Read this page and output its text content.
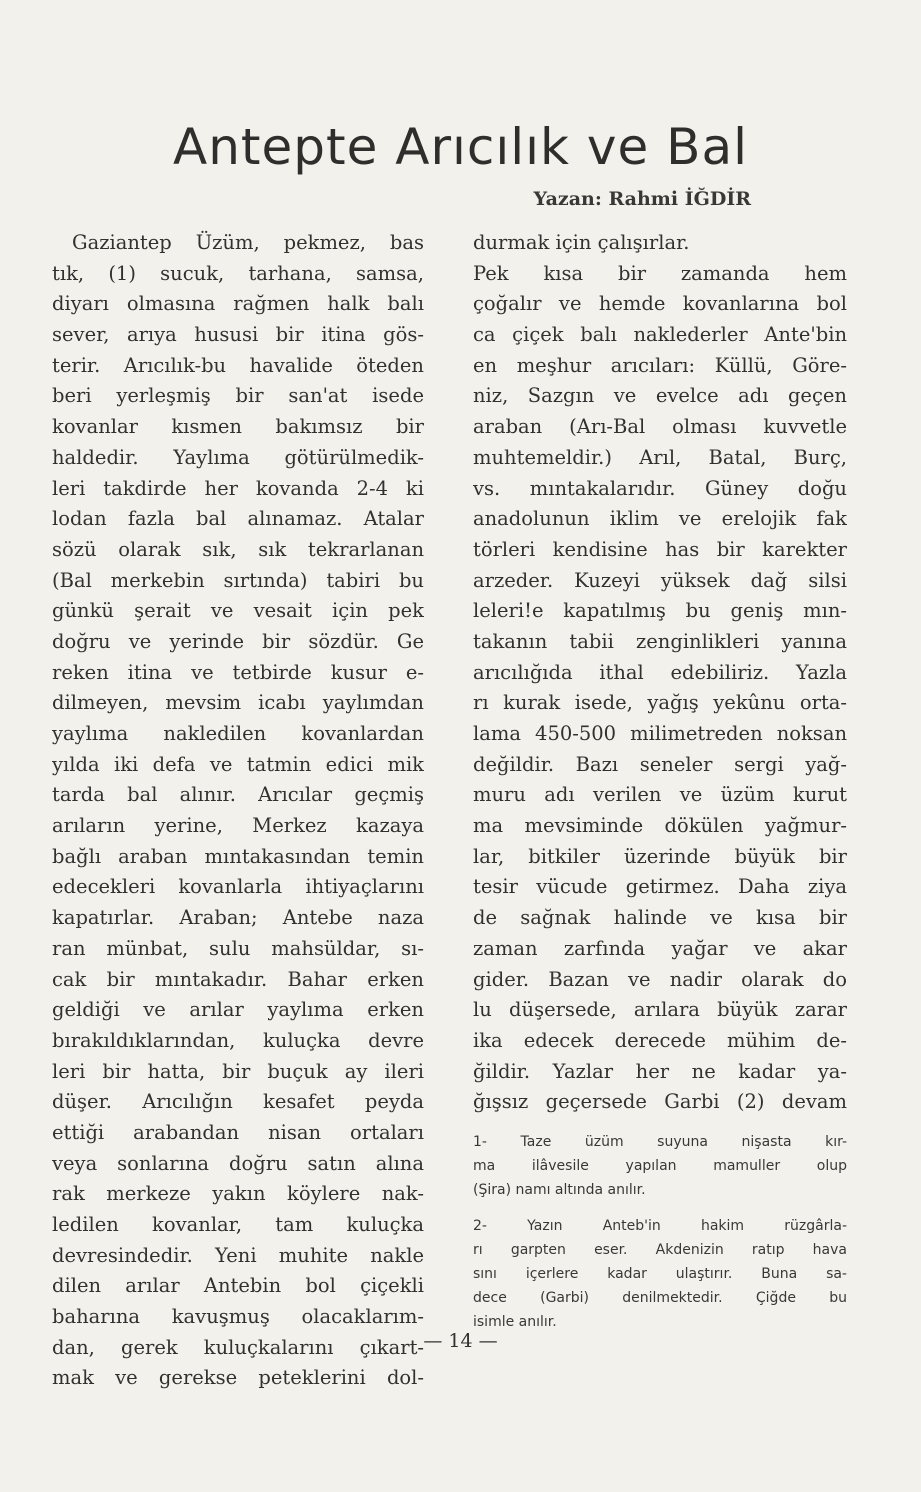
Antepte Arıcılık ve Bal
Yazan: Rahmi İĞDİR
Gaziantep Üzüm, pekmez, bas
tık, (1) sucuk, tarhana, samsa,
diyarı olmasına rağmen halk balı
sever, arıya hususi bir itina gös-
terir. Arıcılık-bu havalide öteden
beri yerleşmiş bir san'at isede
kovanlar kısmen bakımsız bir
haldedir. Yaylıma götürülmedik-
leri takdirde her kovanda 2-4 ki
lodan fazla bal alınamaz. Atalar
sözü olarak sık, sık tekrarlanan
(Bal merkebin sırtında) tabiri bu
günkü şerait ve vesait için pek
doğru ve yerinde bir sözdür. Ge
reken itina ve tetbirde kusur e-
dilmeyen, mevsim icabı yaylımdan
yaylıma nakledilen kovanlardan
yılda iki defa ve tatmin edici mik
tarda bal alınır. Arıcılar geçmiş
arıların yerine, Merkez kazaya
bağlı araban mıntakasından temin
edecekleri kovanlarla ihtiyaçlarını
kapatırlar. Araban; Antebe naza
ran münbat, sulu mahsüldar, sı-
cak bir mıntakadır. Bahar erken
geldiği ve arılar yaylıma erken
bırakıldıklarından, kuluçka devre
leri bir hatta, bir buçuk ay ileri
düşer. Arıcılığın kesafet peyda
ettiği arabandan nisan ortaları
veya sonlarına doğru satın alına
rak merkeze yakın köylere nak-
ledilen kovanlar, tam kuluçka
devresindedir. Yeni muhite nakle
dilen arılar Antebin bol çiçekli
baharına kavuşmuş olacaklarım-
dan, gerek kuluçkalarını çıkart-
mak ve gerekse peteklerini dol-
durmak için çalışırlar.
Pek kısa bir zamanda hem
çoğalır ve hemde kovanlarına bol
ca çiçek balı naklederler Ante'bin
en meşhur arıcıları: Küllü, Göre-
niz, Sazgın ve evelce adı geçen
araban (Arı-Bal olması kuvvetle
muhtemeldir.) Arıl, Batal, Burç,
vs. mıntakalarıdır. Güney doğu
anadolunun iklim ve erelojik fak
törleri kendisine has bir karekter
arzeder. Kuzeyi yüksek dağ silsi
leleri!e kapatılmış bu geniş mın-
takanın tabii zenginlikleri yanına
arıcılığıda ithal edebiliriz. Yazla
rı kurak isede, yağış yekûnu orta-
lama 450-500 milimetreden noksan
değildir. Bazı seneler sergi yağ-
muru adı verilen ve üzüm kurut
ma mevsiminde dökülen yağmur-
lar, bitkiler üzerinde büyük bir
tesir vücude getirmez. Daha ziya
de sağnak halinde ve kısa bir
zaman zarfında yağar ve akar
gider. Bazan ve nadir olarak do
lu düşersede, arılara büyük zarar
ika edecek derecede mühim de-
ğildir. Yazlar her ne kadar ya-
ğışsız geçersede Garbi (2) devam
1- Taze üzüm suyuna nişasta kır-
ma ilâvesile yapılan mamuller olup
(Şira) namı altında anılır.
2- Yazın Anteb'in hakim rüzgârla-
rı garpten eser. Akdenizin ratıp hava
sını içerlere kadar ulaştırır. Buna sa-
dece (Garbi) denilmektedir. Çiğde bu
isimle anılır.
— 14 —
